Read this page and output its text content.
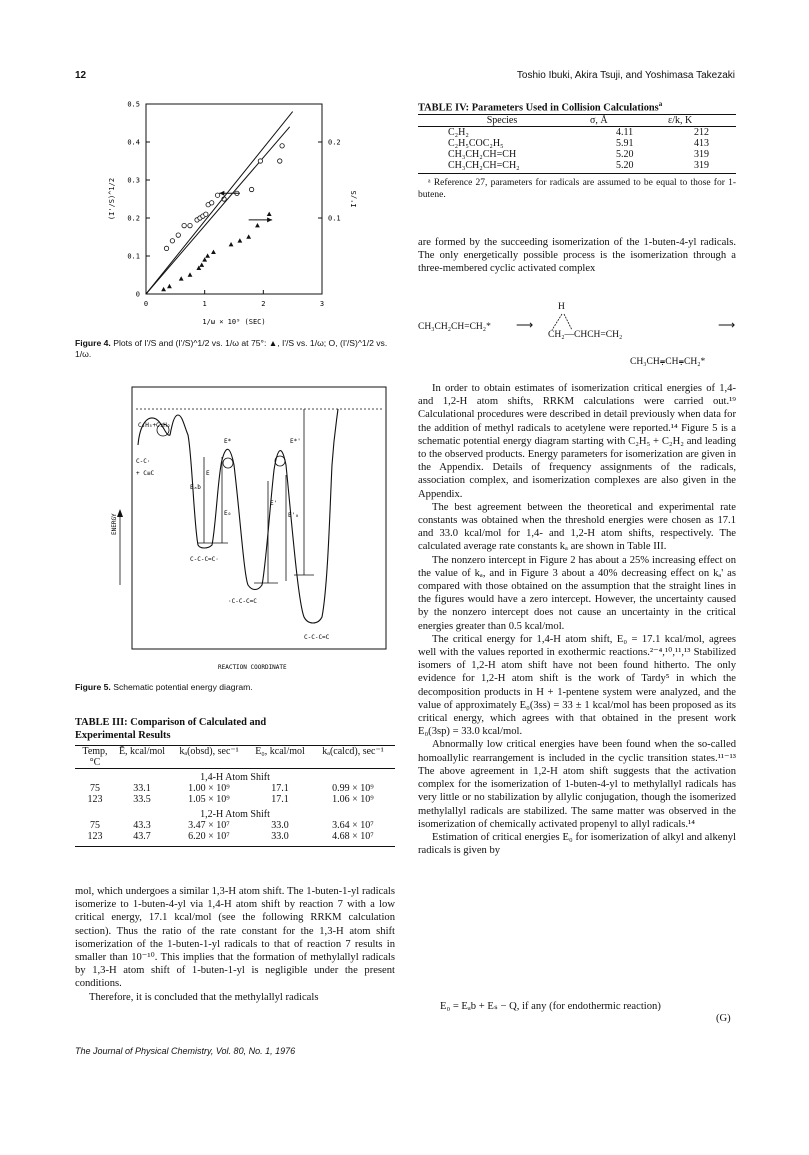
12	Toshio Ibuki, Akira Tsuji, and Yoshimasa Takezaki
0	1	2	3
0
0.1
0.2
0.3
0.4
0.5
0.1
0.2
(I'/S)^1/2	I'/S
1/ω × 10⁹ (SEC)
Figure 4. Plots of I'/S and (I'/S)^1/2 vs. 1/ω at 75°: ▲, I'/S vs. 1/ω; O, (I'/S)^1/2 vs. 1/ω.
ENERGY
C₂H₅+C₂H₂
C-C·
+ C≡C
E*
E
Eₐb
E₀
E'
E'₀
E*'
C-C-C=C·
·C-C-C=C
C-C-C=C
REACTION COORDINATE
Figure 5. Schematic potential energy diagram.
TABLE III: Comparison of Calculated and
Experimental Results
Temp, °C	Ē, kcal/mol	kₐ(obsd), sec⁻¹	E₀, kcal/mol	kₐ(calcd), sec⁻¹
1,4-H Atom Shift				
75	33.1	1.00 × 10⁹	17.1	0.99 × 10⁹
123	33.5	1.05 × 10⁹	17.1	1.06 × 10⁹
1,2-H Atom Shift				
75	43.3	3.47 × 10⁷	33.0	3.64 × 10⁷
123	43.7	6.20 × 10⁷	33.0	4.68 × 10⁷

mol, which undergoes a similar 1,3-H atom shift. The 1-buten-1-yl radicals isomerize to 1-buten-4-yl via 1,4-H atom shift by reaction 7 with a low critical energy, 17.1 kcal/mol (see the following RRKM calculation section). Thus the ratio of the rate constant for the 1,3-H atom shift isomerization of the 1-buten-1-yl radicals to that of reaction 7 results in smaller than 10⁻¹⁰. This implies that the formation of methylallyl radicals by 1,3-H atom shift of 1-buten-1-yl is negligible under the present conditions.

Therefore, it is concluded that the methylallyl radicals

TABLE IV: Parameters Used in Collision Calculations$^a$
Species	σ, Å	ε/k, K
C₂H₂	4.11	212
C₂H₅COC₂H₅	5.91	413
CH₃CH₂CH=CH	5.20	319
CH₃CH₂CH=CH₂	5.20	319
ᵃ Reference 27, parameters for radicals are assumed to be equal to those for 1-butene.

are formed by the succeeding isomerization of the 1-buten-4-yl radicals. The only energetically possible process is the isomerization through a three-membered cyclic activated complex

CH₃CH₂CH=CH₂* ⟶
H
CH₂—CHCH=CH₂
⟶
CH₃CH⩦CH⩦CH₂*

In order to obtain estimates of isomerization critical energies of 1,4- and 1,2-H atom shifts, RRKM calculations were carried out.¹⁹ Calculational procedures were described in detail previously when data for the addition of methyl radicals to acetylene were reported.¹⁴ Figure 5 is a schematic potential energy diagram starting with C₂H₅ + C₂H₂ and leading to the observed products. Energy parameters for isomerization are given in the Appendix. Details of frequency assignments of the radicals, association complex, and isomerization complexes are also given in the Appendix.

The best agreement between the theoretical and experimental rate constants was obtained when the threshold energies were chosen as 17.1 and 33.0 kcal/mol for 1,4- and 1,2-H atom shifts, respectively. The calculated average rate constants kₐ are shown in Table III.

The nonzero intercept in Figure 2 has about a 25% increasing effect on the value of kₐ, and in Figure 3 about a 40% decreasing effect on kₐ' as compared with those obtained on the assumption that the straight lines in the figures would have a zero intercept. However, the uncertainty caused by the nonzero intercept does not cause an uncertainty in the critical energies greater than 0.5 kcal/mol.

The critical energy for 1,4-H atom shift, E₀ = 17.1 kcal/mol, agrees well with the values reported in exothermic reactions.²⁻⁴,¹⁰,¹¹,¹³ Stabilized isomers of 1,2-H atom shift have not been found hitherto. The only evidence for 1,2-H atom shift is the work of Tardy⁵ in which the decomposition products in H + 1-pentene system were analyzed, and the value of approximately E₀(3ss) = 33 ± 1 kcal/mol has been proposed as its critical energy, which agrees with that obtained in the present work E₀(3sp) = 33.0 kcal/mol.

Abnormally low critical energies have been found when the so-called homoallylic rearrangement is included in the cyclic transition states.¹¹⁻¹³ The above agreement in 1,2-H atom shift suggests that the activation complex for the isomerization of 1-buten-4-yl to methylallyl radicals has very little or no stabilization by allylic conjugation, though the isomerized methylallyl radicals are stabilized. The same matter was observed in the isomerization of chemically activated propenyl to allyl radicals.¹⁴

Estimation of critical energies E₀ for isomerization of alkyl and alkenyl radicals is given by

E₀ = Eₐb + Eₛ − Q, if any (for endothermic reaction)
(G)
The Journal of Physical Chemistry, Vol. 80, No. 1, 1976
